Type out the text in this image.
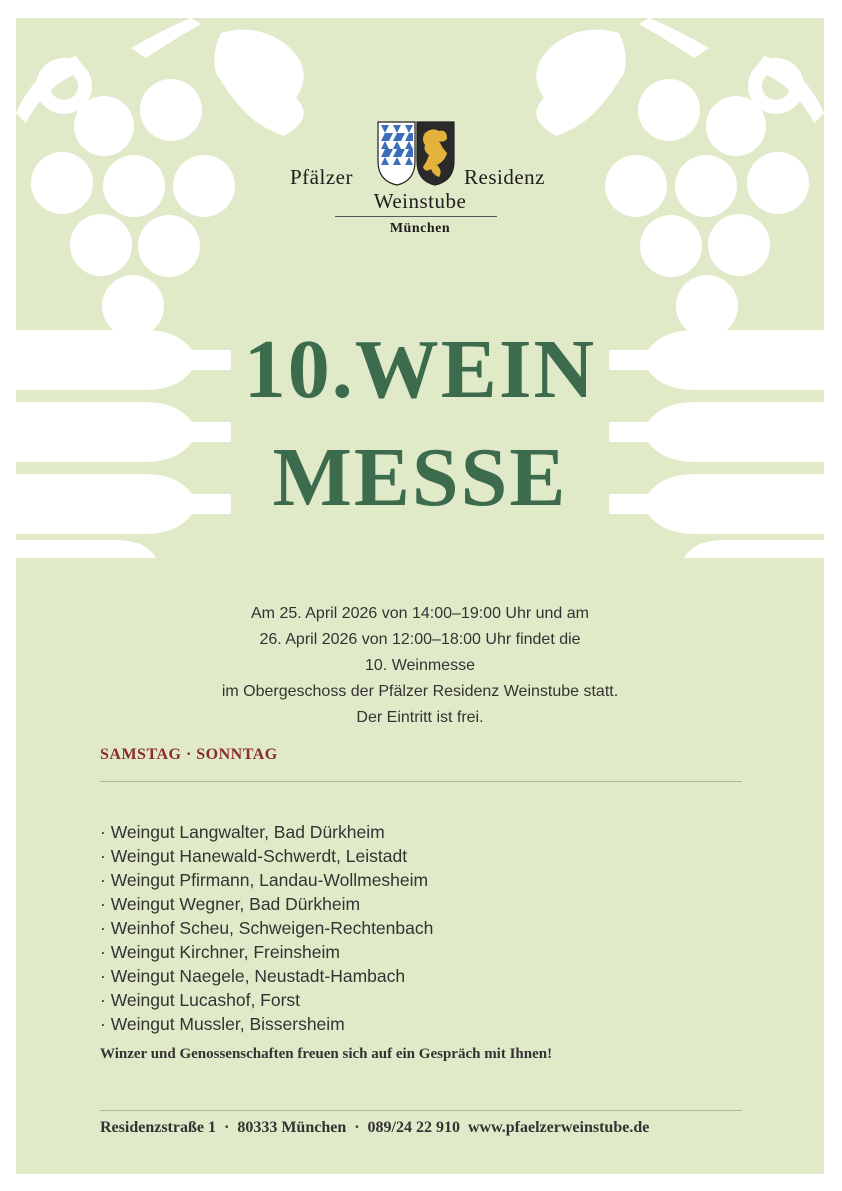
Pfälzer	Residenz
Weinstube
München
10.WEIN
MESSE
Am 25. April 2026 von 14:00–19:00 Uhr und am
26. April 2026 von 12:00–18:00 Uhr findet die
10. Weinmesse
im Obergeschoss der Pfälzer Residenz Weinstube statt.
Der Eintritt ist frei.
SAMSTAG · SONNTAG
· Weingut Langwalter, Bad Dürkheim
· Weingut Hanewald-Schwerdt, Leistadt
· Weingut Pfirmann, Landau-Wollmesheim
· Weingut Wegner, Bad Dürkheim
· Weinhof Scheu, Schweigen-Rechtenbach
· Weingut Kirchner, Freinsheim
· Weingut Naegele, Neustadt-Hambach
· Weingut Lucashof, Forst
· Weingut Mussler, Bissersheim
Winzer und Genossenschaften freuen sich auf ein Gespräch mit Ihnen!
Residenzstraße 1  ·  80333 München  ·  089/24 22 910  www.pfaelzerweinstube.de
